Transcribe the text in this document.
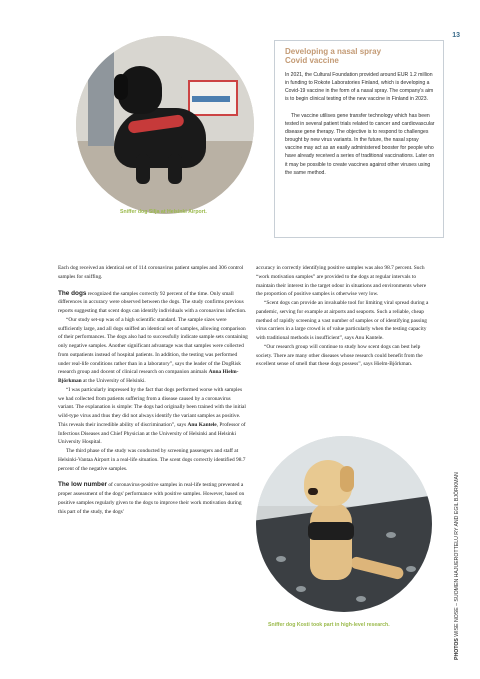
13
Sniffer dog Silja at Helsinki Airport.
Developing a nasal spray
Covid vaccine
In 2021, the Cultural Foundation provided around EUR 1.2 million in funding to Rokote Laboratories Finland, which is developing a Covid-19 vaccine in the form of a nasal spray. The company's aim is to begin clinical testing of the new vaccine in Finland in 2023.
The vaccine utilises gene transfer technology which has been tested in several patient trials related to cancer and cardiovascular disease gene therapy. The objective is to respond to challenges brought by new virus variants. In the future, the nasal spray vaccine may act as an easily administered booster for people who have already received a series of traditional vaccinations. Later on it may be possible to create vaccines against other viruses using the same method.

Each dog received an identical set of 114 coronavirus patient samples and 306 control samples for sniffing.

The dogs recognized the samples correctly 92 percent of the time. Only small differences in accuracy were observed between the dogs. The study confirms previous reports suggesting that scent dogs can identify individuals with a coronavirus infection.

“Our study set-up was of a high scientific standard. The sample sizes were sufficiently large, and all dogs sniffed an identical set of samples, allowing comparison of their performances. The dogs also had to successfully indicate sample sets containing only negative samples. Another significant advantage was that samples were collected from outpatients instead of hospital patients. In addition, the testing was performed under real-life conditions rather than in a laboratory”, says the leader of the DogRisk research group and docent of clinical research on companion animals Anna Hielm-Björkman at the University of Helsinki.

“I was particularly impressed by the fact that dogs performed worse with samples we had collected from patients suffering from a disease caused by a coronavirus variant. The explanation is simple: The dogs had originally been trained with the initial wild-type virus and thus they did not always identify the variant samples as positive. This reveals their incredible ability of discrimination”, says Anu Kantele, Professor of Infectious Diseases and Chief Physician at the University of Helsinki and Helsinki University Hospital.

The third phase of the study was conducted by screening passengers and staff at Helsinki-Vantaa Airport in a real-life situation. The scent dogs correctly identified 98.7 percent of the negative samples.

The low number of coronavirus-positive samples in real-life testing prevented a proper assessment of the dogs' performance with positive samples. However, based on positive samples regularly given to the dogs to improve their work motivation during this part of the study, the dogs'

accuracy in correctly identifying positive samples was also 98.7 percent. Such “work motivation samples” are provided to the dogs at regular intervals to maintain their interest in the target odour in situations and environments where the proportion of positive samples is otherwise very low.

“Scent dogs can provide an invaluable tool for limiting viral spread during a pandemic, serving for example at airports and seaports. Such a reliable, cheap method of rapidly screening a vast number of samples or of identifying passing virus carriers in a large crowd is of value particularly when the testing capacity with traditional methods is insufficient”, says Anu Kantele.

“Our research group will continue to study how scent dogs can best help society. There are many other diseases whose research could benefit from the excellent sense of smell that these dogs possess”, says Hielm-Björkman.

Sniffer dog Kosti took part in high-level research.
PHOTOS WISE NOSE – SUOMEN HAJUEROTTELU RY AND EGIL BJÖRKMAN
